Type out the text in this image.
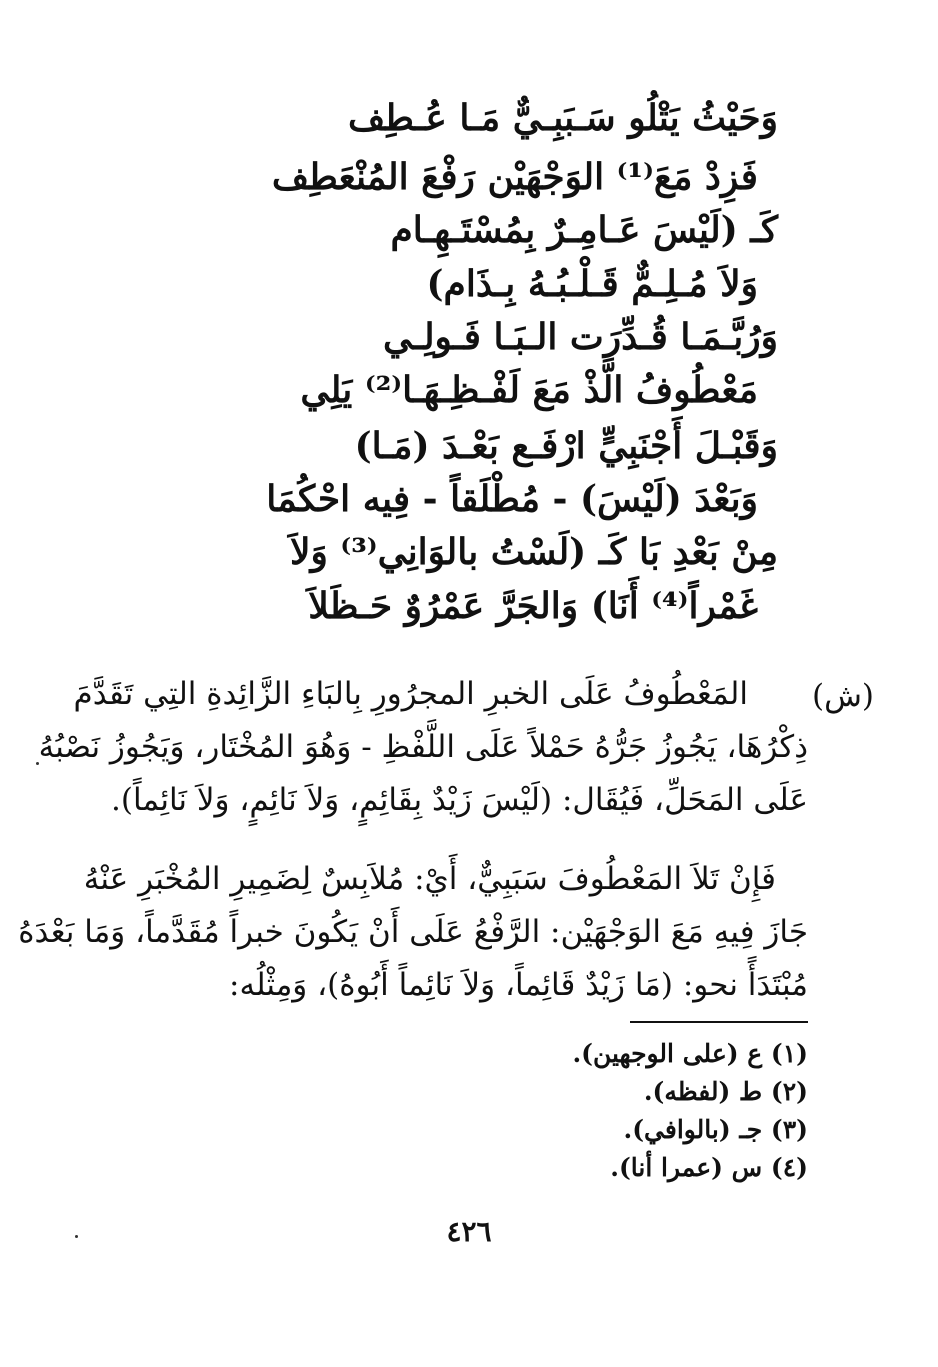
وَحَيْثُ يَتْلُو سَـبَبِـيٌّ مَـا عُـطِف
فَزِدْ مَعَ⁽¹⁾ الوَجْهَيْن رَفْعَ المُنْعَطِف
كَـ (لَيْسَ عَـامِـرٌ بِمُسْتَـهِـام
وَلاَ مُـلِـمٌّ قَـلْـبُـهُ بِـذَام)
وَرُبَّـمَـا قُـدِّرَت الـبَـا فَـولِـي
مَعْطُوفُ الَّذْ مَعَ لَفْـظِـهَـا⁽²⁾ يَلِي
وَقَبْـلَ أَجْنَبِيٍّ ارْفَـع بَعْـدَ (مَـا)
وَبَعْدَ (لَيْسَ) - مُطْلَقاً - فِيه احْكُمَا
مِنْ بَعْدِ بَا كَـ (لَسْتُ بالوَانِي⁽³⁾ وَلاَ
غَمْراً⁽⁴⁾ أَنَا) وَالجَرَّ عَمْرُوٌ حَـظَلاَ
(ش)
المَعْطُوفُ عَلَى الخبرِ المجرُورِ بِالبَاءِ الزَّائِدةِ التِي تَقَدَّمَ
ذِكْرُهَا، يَجُوزُ جَرُّهُ حَمْلاً عَلَى اللَّفْظِ - وَهُوَ المُخْتَار، وَيَجُوزُ نَصْبُهُ
عَلَى المَحَلِّ، فَيُقَال: (لَيْسَ زَيْدٌ بِقَائِمٍ، وَلاَ نَائِمٍ، وَلاَ نَائِماً).
فَإِنْ تَلاَ المَعْطُوفَ سَبَبِيٌّ، أَيْ: مُلاَبِسٌ لِضَمِيرِ المُخْبَرِ عَنْهُ
جَازَ فِيهِ مَعَ الوَجْهَيْن: الرَّفْعُ عَلَى أَنْ يَكُونَ خبراً مُقَدَّماً، وَمَا بَعْدَهُ
مُبْتَدَأً نحو: (مَا زَيْدٌ قَائِماً، وَلاَ نَائِماً أَبُوهُ)، وَمِثْلُه:
(١) ع (على الوجهين).
(٢) ط (لفظه).
(٣) جـ (بالوافي).
(٤) س (عمرا أنا).
٤٢٦
